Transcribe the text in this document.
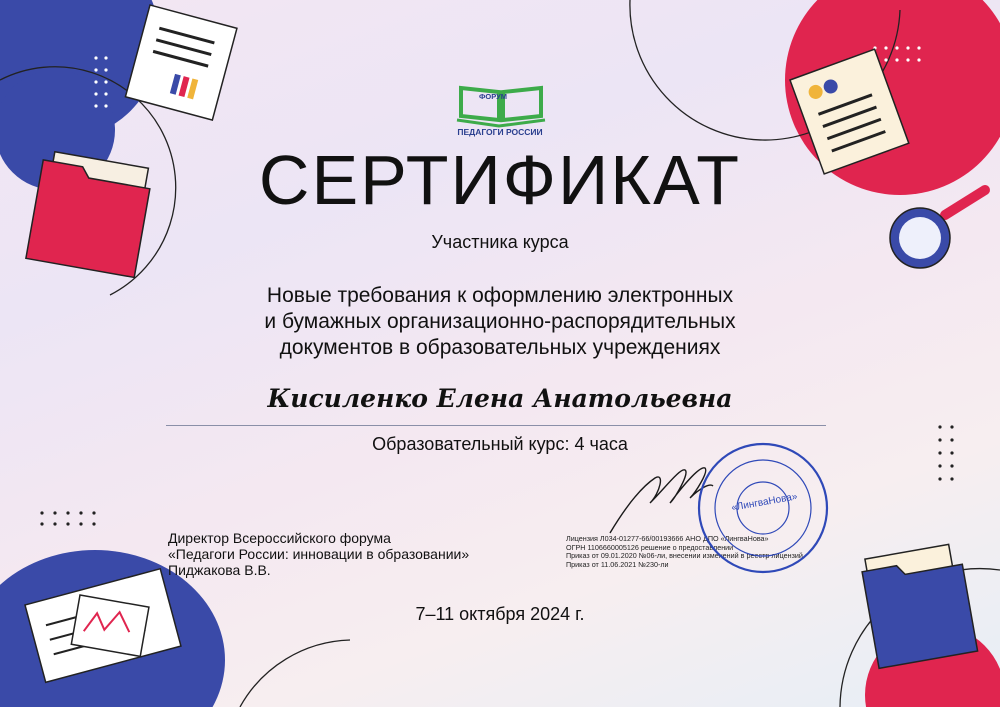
ФОРУМ
ПЕДАГОГИ РОССИИ
СЕРТИФИКАТ
Участника курса
Новые требования к оформлению электронных
и бумажных организационно-распорядительных
документов в образовательных учреждениях
Кисиленко Елена Анатольевна
Образовательный курс: 4 часа
Директор Всероссийского форума
«Педагоги России: инновации в образовании»
Пиджакова В.В.
Лицензия Л034-01277-66/00193666 АНО ДПО «ЛингваНова»
ОГРН 1106660005126 решение о предоставлении
Приказ от 09.01.2020 №06-ли, внесении изменений в реестр лицензий
Приказ от 11.06.2021 №230-ли
«ЛингваНова»
7–11 октября 2024 г.
